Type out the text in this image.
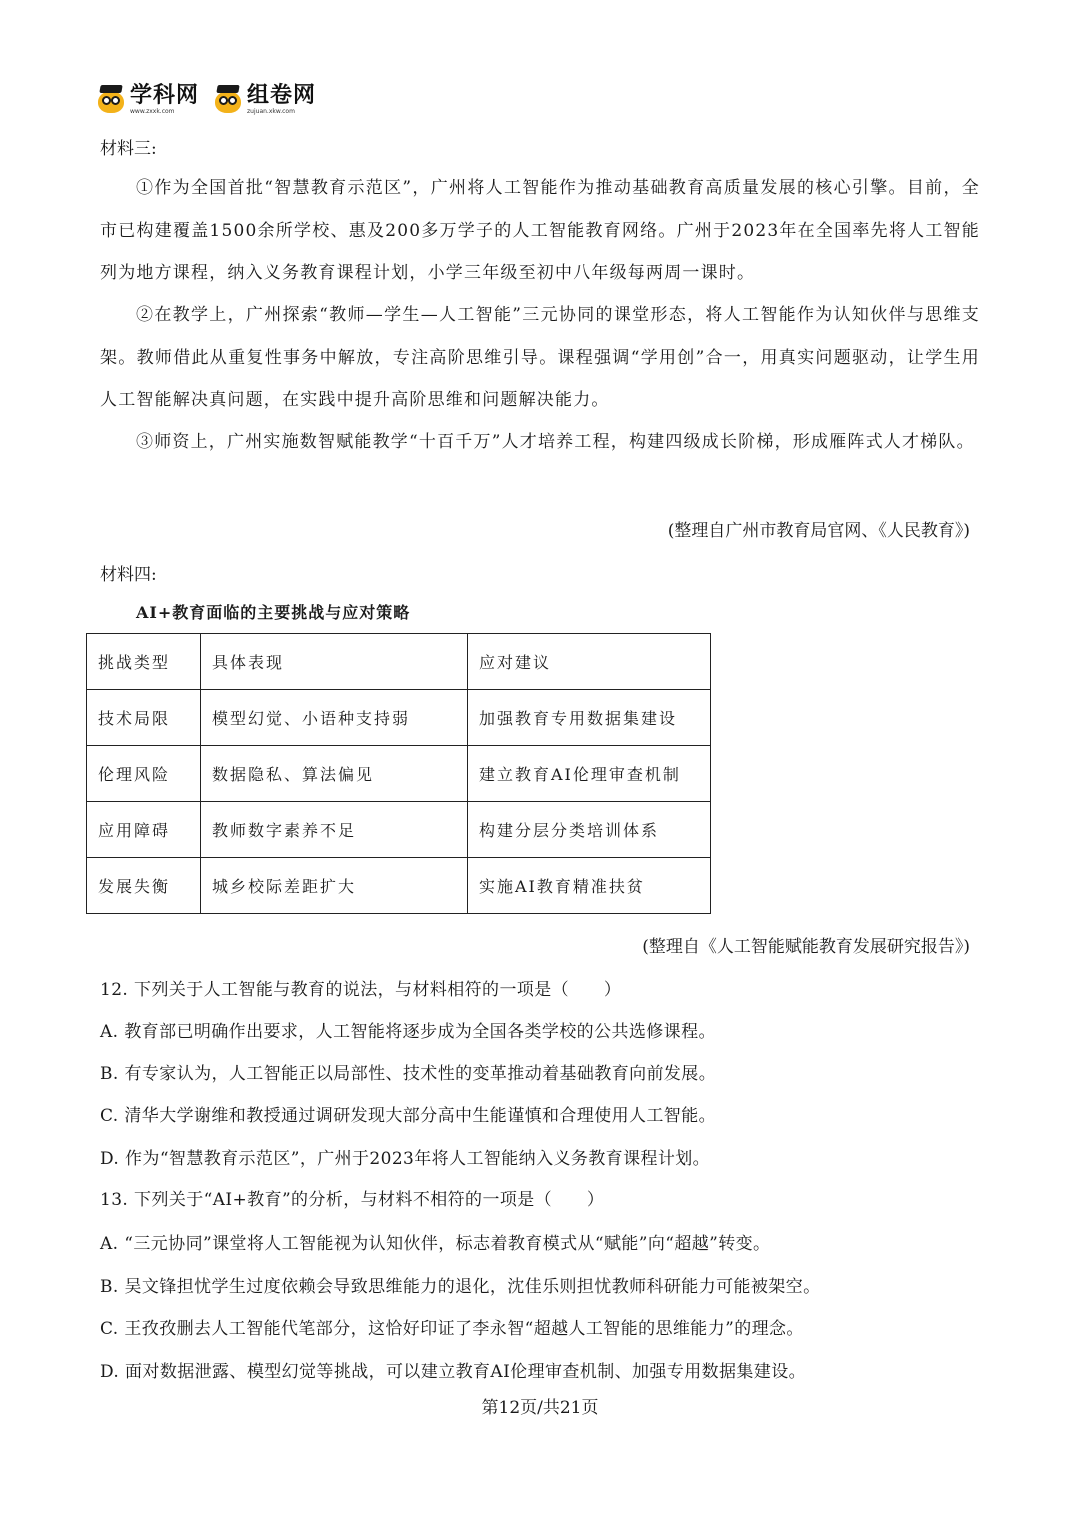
学科网
www.zxxk.com
组卷网
zujuan.xkw.com
材料三:
①作为全国首批“智慧教育示范区”，广州将人工智能作为推动基础教育高质量发展的核心引擎。目前，全市已构建覆盖1500余所学校、惠及200多万学子的人工智能教育网络。广州于2023年在全国率先将人工智能列为地方课程，纳入义务教育课程计划，小学三年级至初中八年级每两周一课时。
②在教学上，广州探索“教师—学生—人工智能”三元协同的课堂形态，将人工智能作为认知伙伴与思维支架。教师借此从重复性事务中解放，专注高阶思维引导。课程强调“学用创”合一，用真实问题驱动，让学生用人工智能解决真问题，在实践中提升高阶思维和问题解决能力。
③师资上，广州实施数智赋能教学“十百千万”人才培养工程，构建四级成长阶梯，形成雁阵式人才梯队。
(整理自广州市教育局官网、《人民教育》)
材料四:
AI+教育面临的主要挑战与应对策略
挑战类型	具体表现	应对建议
技术局限	模型幻觉、小语种支持弱	加强教育专用数据集建设
伦理风险	数据隐私、算法偏见	建立教育AI伦理审查机制
应用障碍	教师数字素养不足	构建分层分类培训体系
发展失衡	城乡校际差距扩大	实施AI教育精准扶贫
(整理自《人工智能赋能教育发展研究报告》)
12. 下列关于人工智能与教育的说法，与材料相符的一项是（　　）
A. 教育部已明确作出要求，人工智能将逐步成为全国各类学校的公共选修课程。
B. 有专家认为，人工智能正以局部性、技术性的变革推动着基础教育向前发展。
C. 清华大学谢维和教授通过调研发现大部分高中生能谨慎和合理使用人工智能。
D. 作为“智慧教育示范区”，广州于2023年将人工智能纳入义务教育课程计划。
13. 下列关于“AI+教育”的分析，与材料不相符的一项是（　　）
A. “三元协同”课堂将人工智能视为认知伙伴，标志着教育模式从“赋能”向“超越”转变。
B. 吴文锋担忧学生过度依赖会导致思维能力的退化，沈佳乐则担忧教师科研能力可能被架空。
C. 王孜孜删去人工智能代笔部分，这恰好印证了李永智“超越人工智能的思维能力”的理念。
D. 面对数据泄露、模型幻觉等挑战，可以建立教育AI伦理审查机制、加强专用数据集建设。
第12页/共21页
